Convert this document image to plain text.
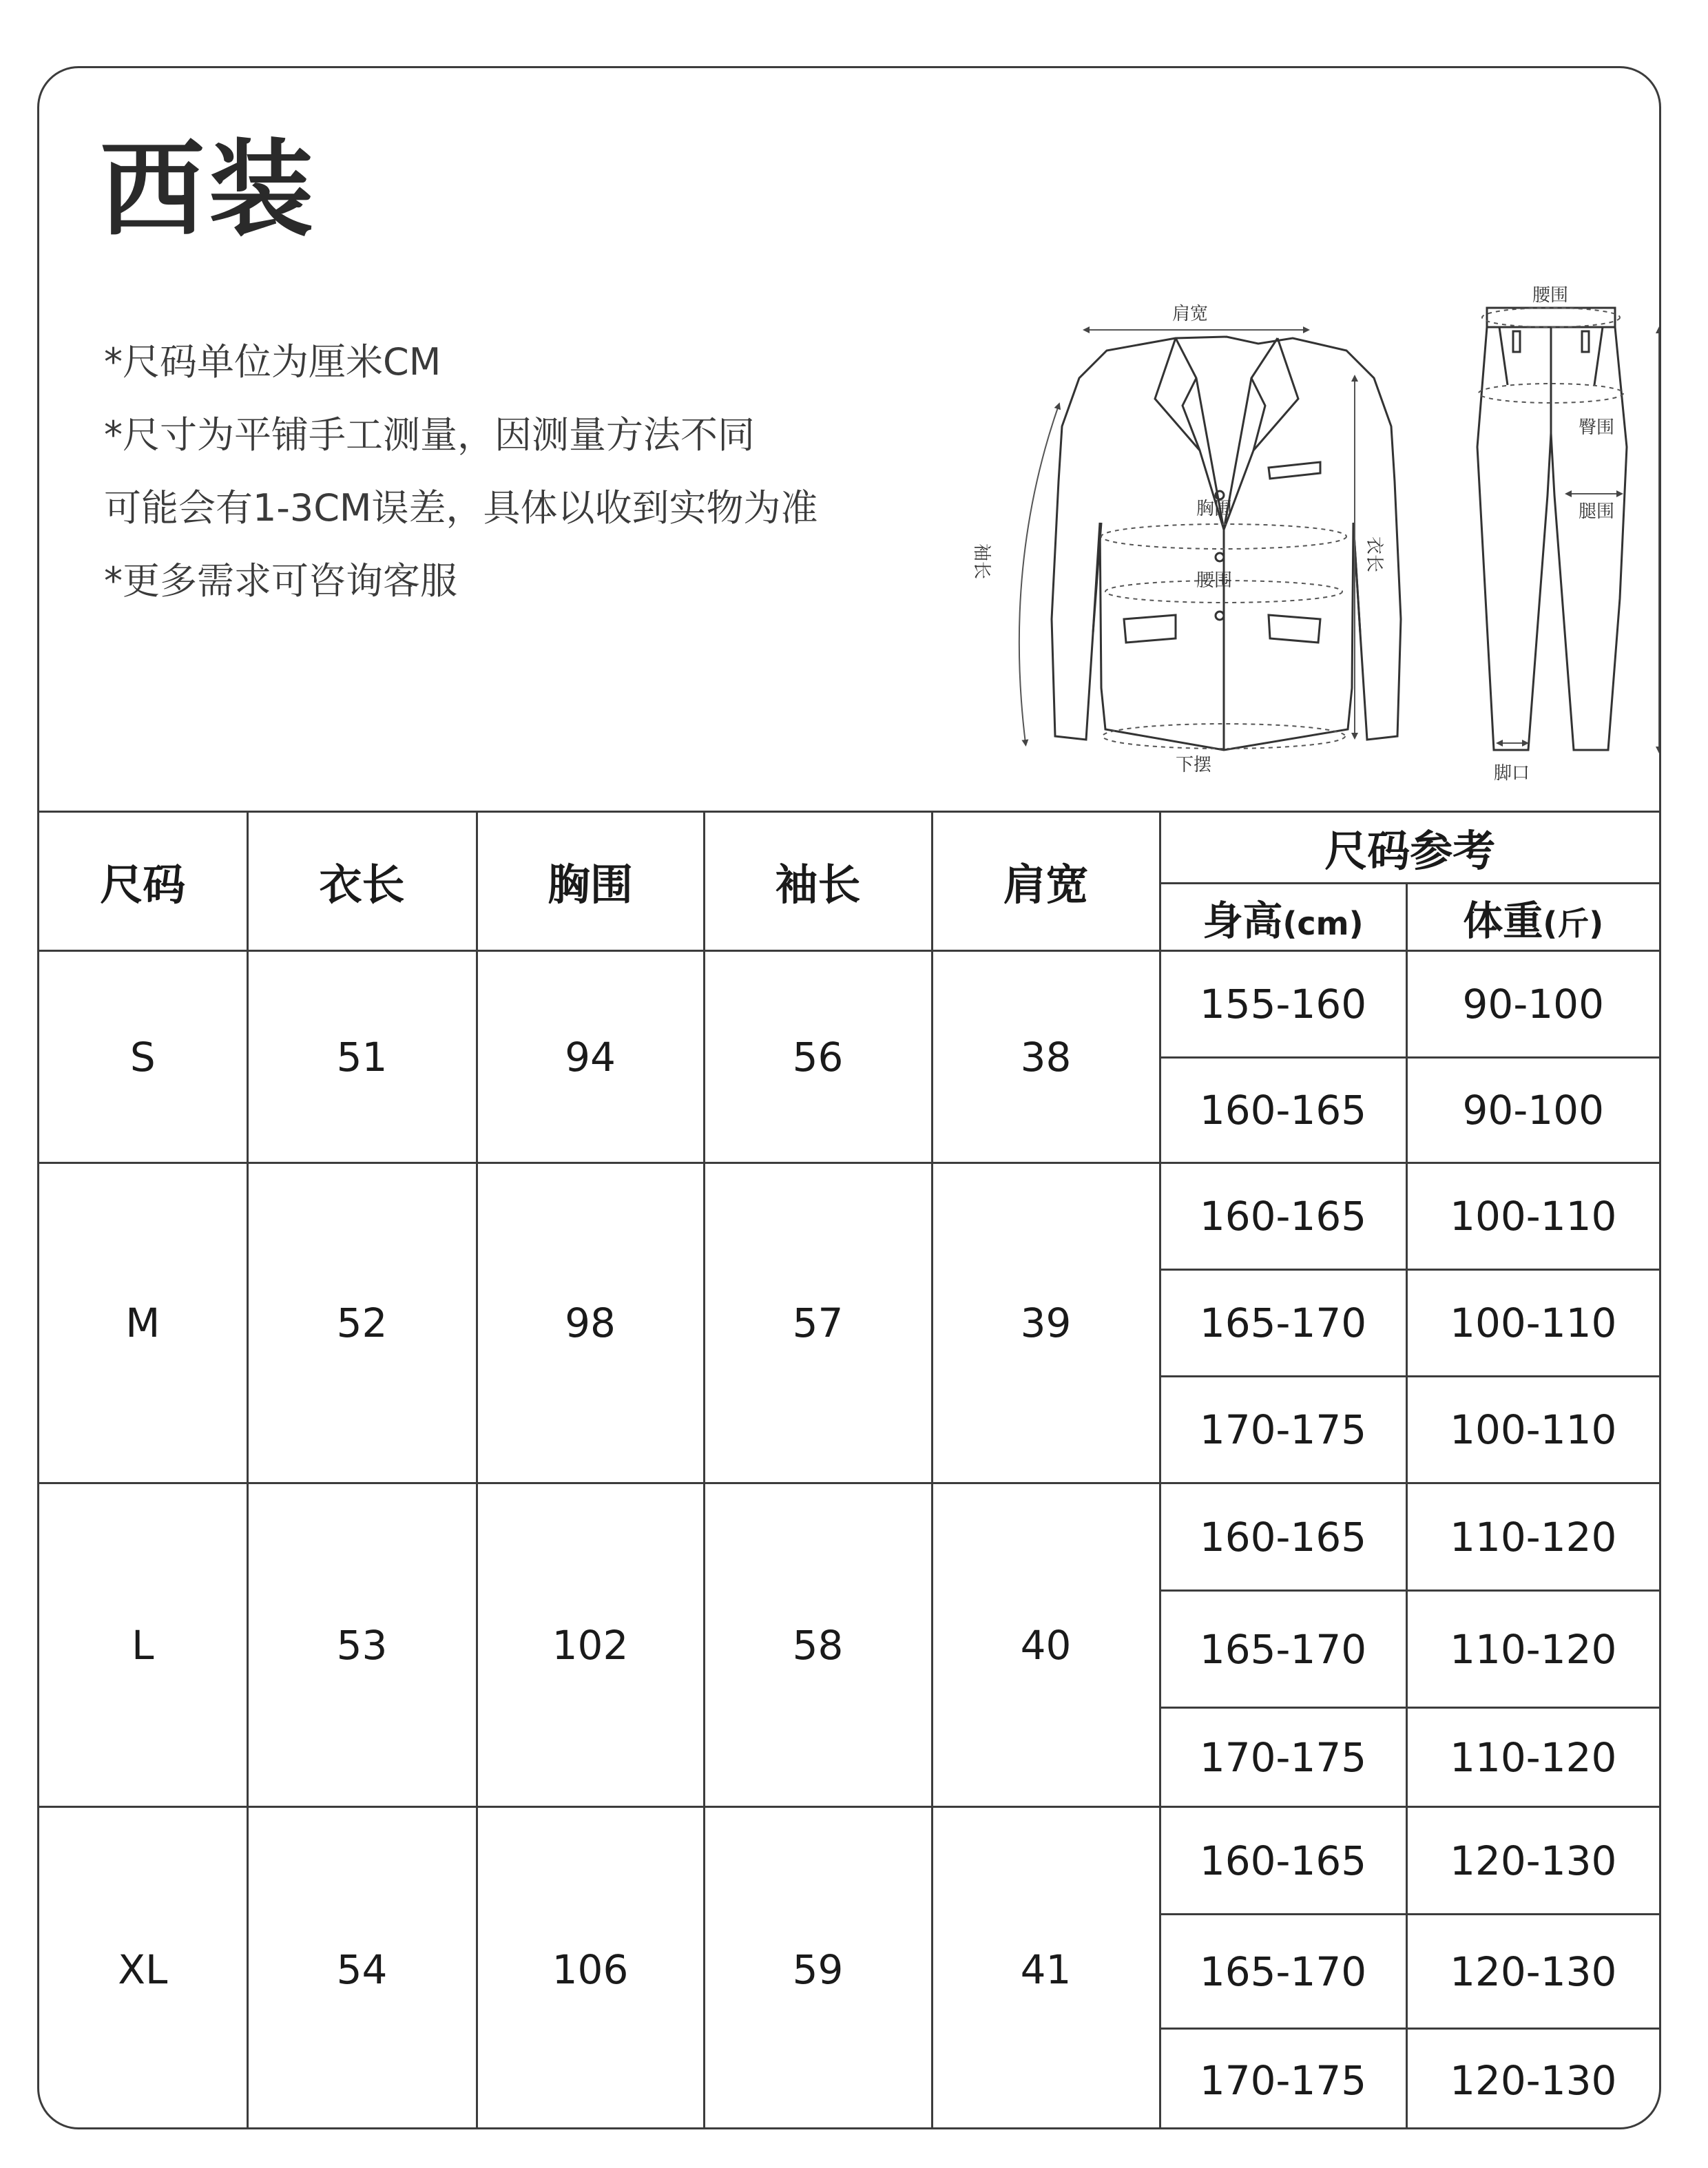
西装
*尺码单位为厘米CM
*尺寸为平铺手工测量，因测量方法不同
可能会有1-3CM误差，具体以收到实物为准
*更多需求可咨询客服
肩宽
胸围
腰围
下摆
袖长	衣长
腰围
臀围
腿围	裤长
脚口
尺码	衣长	胸围	袖长	肩宽	尺码参考	
					身高(cm)	体重(斤)
S	51	94	56	38	155-160	90-100
					160-165	90-100
M	52	98	57	39	160-165	100-110
					165-170	100-110
					170-175	100-110
L	53	102	58	40	160-165	110-120
					165-170	110-120
					170-175	110-120
XL	54	106	59	41	160-165	120-130
					165-170	120-130
					170-175	120-130
